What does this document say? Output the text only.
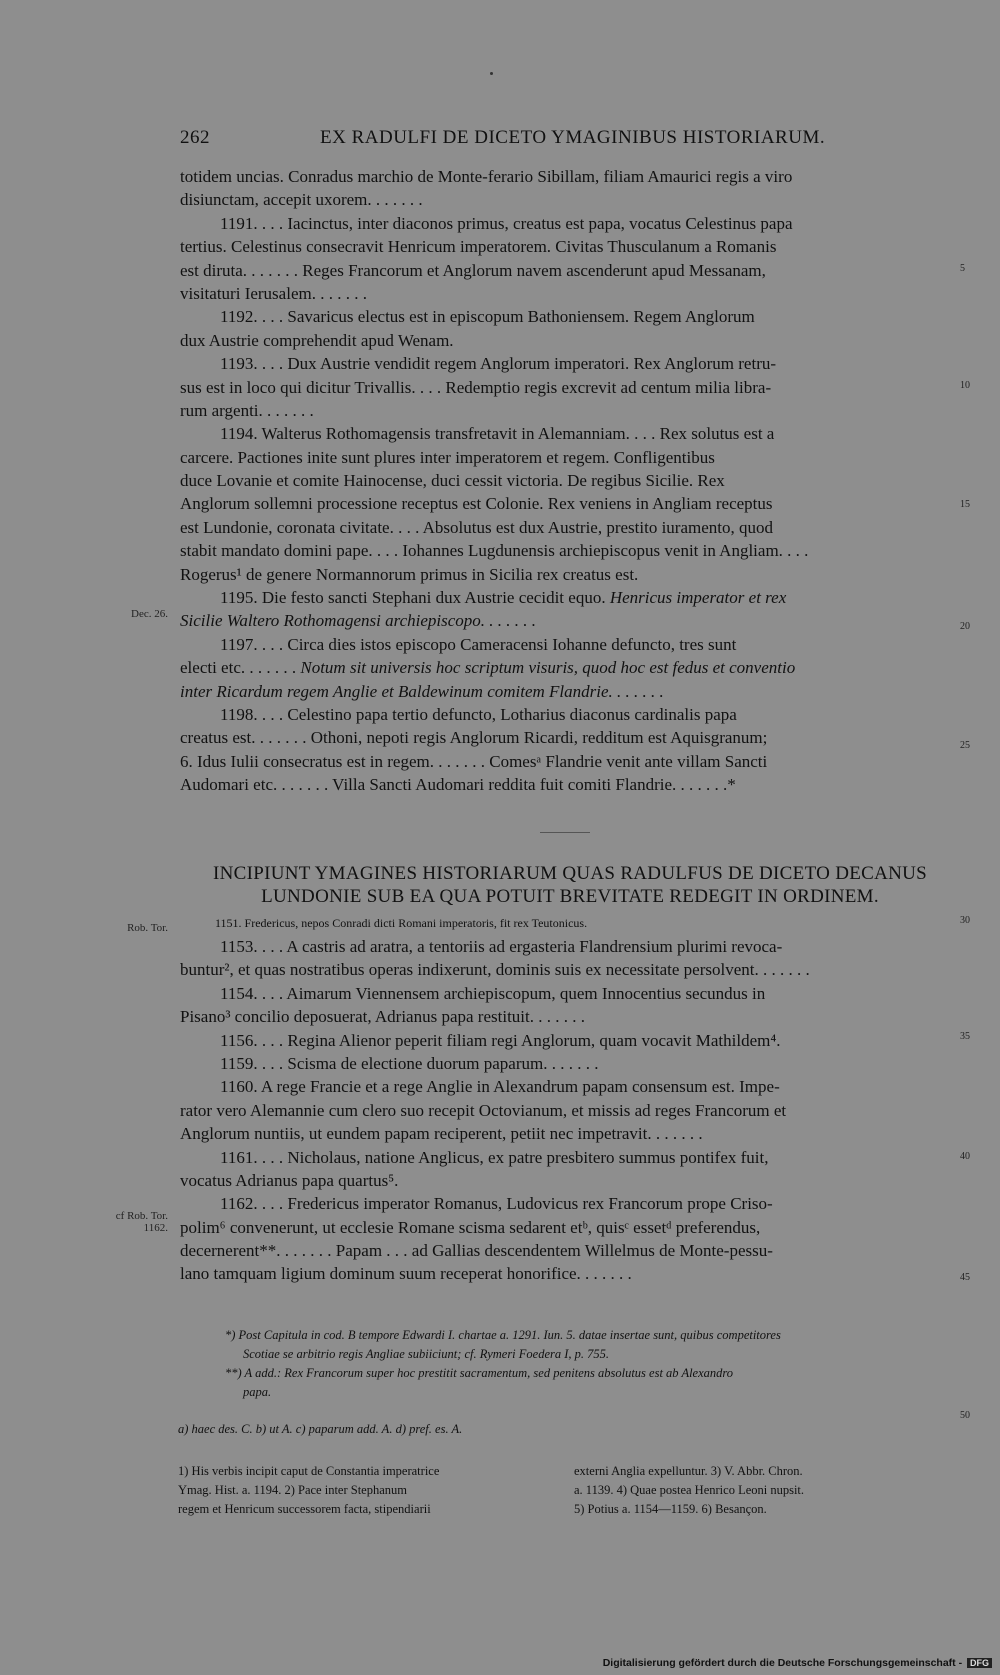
262	EX RADULFI DE DICETO YMAGINIBUS HISTORIARUM.
totidem uncias. Conradus marchio de Monte-ferario Sibillam, filiam Amaurici regis a viro
disiunctam, accepit uxorem. . . . . . .
1191. . . . Iacinctus, inter diaconos primus, creatus est papa, vocatus Celestinus papa
tertius. Celestinus consecravit Henricum imperatorem. Civitas Thusculanum a Romanis
est diruta. . . . . . . Reges Francorum et Anglorum navem ascenderunt apud Messanam,
visitaturi Ierusalem. . . . . . .
1192. . . . Savaricus electus est in episcopum Bathoniensem. Regem Anglorum
dux Austrie comprehendit apud Wenam.
1193. . . . Dux Austrie vendidit regem Anglorum imperatori. Rex Anglorum retru-
sus est in loco qui dicitur Trivallis. . . . Redemptio regis excrevit ad centum milia libra-
rum argenti. . . . . . .
1194. Walterus Rothomagensis transfretavit in Alemanniam. . . . Rex solutus est a
carcere. Pactiones inite sunt plures inter imperatorem et regem. Confligentibus
duce Lovanie et comite Hainocense, duci cessit victoria. De regibus Sicilie. Rex
Anglorum sollemni processione receptus est Colonie. Rex veniens in Angliam receptus
est Lundonie, coronata civitate. . . . Absolutus est dux Austrie, prestito iuramento, quod
stabit mandato domini pape. . . . Iohannes Lugdunensis archiepiscopus venit in Angliam. . . .
Rogerus¹ de genere Normannorum primus in Sicilia rex creatus est.
1195. Die festo sancti Stephani dux Austrie cecidit equo. Henricus imperator et rex
Sicilie Waltero Rothomagensi archiepiscopo. . . . . . .
1197. . . . Circa dies istos episcopo Cameracensi Iohanne defuncto, tres sunt
electi etc. . . . . . . Notum sit universis hoc scriptum visuris, quod hoc est fedus et conventio
inter Ricardum regem Anglie et Baldewinum comitem Flandrie. . . . . . .
1198. . . . Celestino papa tertio defuncto, Lotharius diaconus cardinalis papa
creatus est. . . . . . . Othoni, nepoti regis Anglorum Ricardi, redditum est Aquisgranum;
6. Idus Iulii consecratus est in regem. . . . . . . Comesᵃ Flandrie venit ante villam Sancti
Audomari etc. . . . . . . Villa Sancti Audomari reddita fuit comiti Flandrie. . . . . . .*
INCIPIUNT YMAGINES HISTORIARUM QUAS RADULFUS DE DICETO DECANUS
LUNDONIE SUB EA QUA POTUIT BREVITATE REDEGIT IN ORDINEM.
1151. Fredericus, nepos Conradi dicti Romani imperatoris, fit rex Teutonicus.
1153. . . . A castris ad aratra, a tentoriis ad ergasteria Flandrensium plurimi revoca-
buntur², et quas nostratibus operas indixerunt, dominis suis ex necessitate persolvent. . . . . . .
1154. . . . Aimarum Viennensem archiepiscopum, quem Innocentius secundus in
Pisano³ concilio deposuerat, Adrianus papa restituit. . . . . . .
1156. . . . Regina Alienor peperit filiam regi Anglorum, quam vocavit Mathildem⁴.
1159. . . . Scisma de electione duorum paparum. . . . . . .
1160. A rege Francie et a rege Anglie in Alexandrum papam consensum est. Impe-
rator vero Alemannie cum clero suo recepit Octovianum, et missis ad reges Francorum et
Anglorum nuntiis, ut eundem papam reciperent, petiit nec impetravit. . . . . . .
1161. . . . Nicholaus, natione Anglicus, ex patre presbitero summus pontifex fuit,
vocatus Adrianus papa quartus⁵.
1162. . . . Fredericus imperator Romanus, Ludovicus rex Francorum prope Criso-
polim⁶ convenerunt, ut ecclesie Romane scisma sedarent etᵇ, quisᶜ essetᵈ preferendus,
decernerent**. . . . . . . Papam . . . ad Gallias descendentem Willelmus de Monte-pessu-
lano tamquam ligium dominum suum receperat honorifice. . . . . . .
Dec. 26.
Rob. Tor.
cf Rob. Tor.
1162.
5
10
15
20
25
30
35
40
45
50
*) Post Capitula in cod. B tempore Edwardi I. chartae a. 1291. Iun. 5. datae insertae sunt, quibus competitores
Scotiae se arbitrio regis Angliae subiiciunt; cf. Rymeri Foedera I, p. 755.
**) A add.: Rex Francorum super hoc prestitit sacramentum, sed penitens absolutus est ab Alexandro
papa.
a) haec des. C. b) ut A. c) paparum add. A. d) pref. es. A.
1) His verbis incipit caput de Constantia imperatrice
Ymag. Hist. a. 1194. 2) Pace inter Stephanum
regem et Henricum successorem facta, stipendiarii
externi Anglia expelluntur. 3) V. Abbr. Chron.
a. 1139. 4) Quae postea Henrico Leoni nupsit.
5) Potius a. 1154—1159. 6) Besançon.
Digitalisierung gefördert durch die Deutsche Forschungsgemeinschaft - DFG
